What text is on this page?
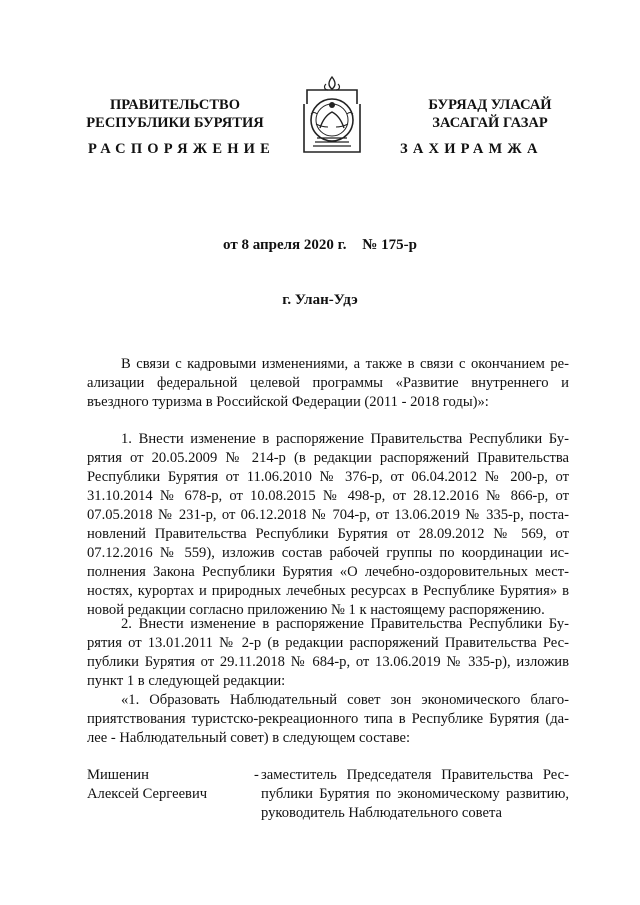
ПРАВИТЕЛЬСТВО
РЕСПУБЛИКИ БУРЯТИЯ
БУРЯАД УЛАСАЙ
ЗАСАГАЙ ГАЗАР
РАСПОРЯЖЕНИЕ	ЗАХИРАМЖА
от 8 апреля 2020 г. № 175-р
г. Улан-Удэ

В связи с кадровыми изменениями, а также в связи с окончанием реализации федеральной целевой программы «Развитие внутреннего и въездного туризма в Российской Федерации (2011 - 2018 годы)»:

1. Внести изменение в распоряжение Правительства Республики Бурятия от 20.05.2009 № 214-р (в редакции распоряжений Правительства Республики Бурятия от 11.06.2010 № 376-р, от 06.04.2012 № 200-р, от 31.10.2014 № 678-р, от 10.08.2015 № 498-р, от 28.12.2016 № 866-р, от 07.05.2018 № 231-р, от 06.12.2018 № 704-р, от 13.06.2019 № 335-р, постановлений Правительства Республики Бурятия от 28.09.2012 № 569, от 07.12.2016 № 559), изложив состав рабочей группы по координации исполнения Закона Республики Бурятия «О лечебно-оздоровительных местностях, курортах и природных лечебных ресурсах в Республике Бурятия» в новой редакции согласно приложению № 1 к настоящему распоряжению.

2. Внести изменение в распоряжение Правительства Республики Бурятия от 13.01.2011 № 2-р (в редакции распоряжений Правительства Республики Бурятия от 29.11.2018 № 684-р, от 13.06.2019 № 335-р), изложив пункт 1 в следующей редакции:

«1. Образовать Наблюдательный совет зон экономического благоприятствования туристско-рекреационного типа в Республике Бурятия (далее - Наблюдательный совет) в следующем составе:

Мишенин
Алексей Сергеевич
- заместитель Председателя Правительства Республики Бурятия по экономическому развитию, руководитель Наблюдательного совета
